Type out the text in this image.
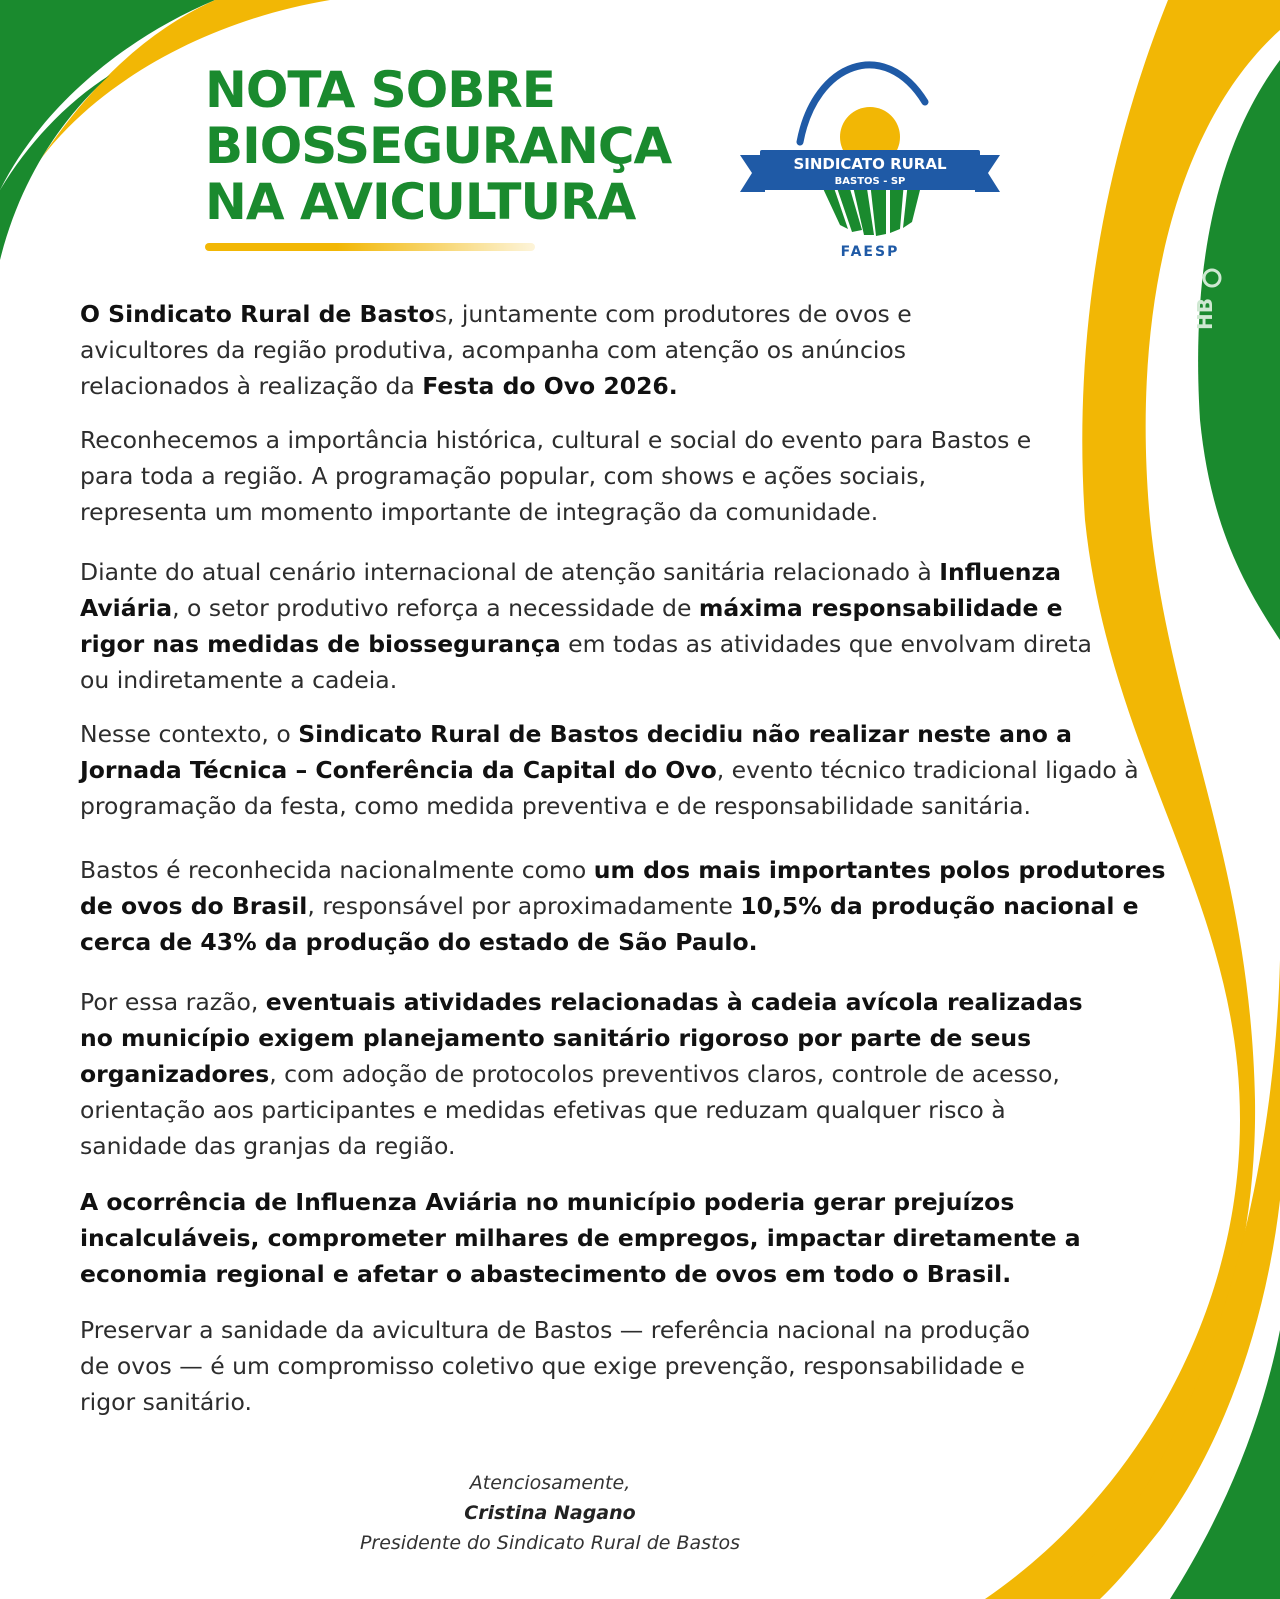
NOTA SOBRE
BIOSSEGURANÇA
NA AVICULTURA
SINDICATO RURAL
BASTOS - SP
FAESP
HB

O Sindicato Rural de Bastos, juntamente com produtores de ovos e
avicultores da região produtiva, acompanha com atenção os anúncios
relacionados à realização da Festa do Ovo 2026.

Reconhecemos a importância histórica, cultural e social do evento para Bastos e
para toda a região. A programação popular, com shows e ações sociais,
representa um momento importante de integração da comunidade.

Diante do atual cenário internacional de atenção sanitária relacionado à Influenza
Aviária, o setor produtivo reforça a necessidade de máxima responsabilidade e
rigor nas medidas de biossegurança em todas as atividades que envolvam direta
ou indiretamente a cadeia.

Nesse contexto, o Sindicato Rural de Bastos decidiu não realizar neste ano a
Jornada Técnica – Conferência da Capital do Ovo, evento técnico tradicional ligado à
programação da festa, como medida preventiva e de responsabilidade sanitária.

Bastos é reconhecida nacionalmente como um dos mais importantes polos produtores
de ovos do Brasil, responsável por aproximadamente 10,5% da produção nacional e
cerca de 43% da produção do estado de São Paulo.

Por essa razão, eventuais atividades relacionadas à cadeia avícola realizadas
no município exigem planejamento sanitário rigoroso por parte de seus
organizadores, com adoção de protocolos preventivos claros, controle de acesso,
orientação aos participantes e medidas efetivas que reduzam qualquer risco à
sanidade das granjas da região.

A ocorrência de Influenza Aviária no município poderia gerar prejuízos
incalculáveis, comprometer milhares de empregos, impactar diretamente a
economia regional e afetar o abastecimento de ovos em todo o Brasil.

Preservar a sanidade da avicultura de Bastos — referência nacional na produção
de ovos — é um compromisso coletivo que exige prevenção, responsabilidade e
rigor sanitário.

Atenciosamente,
Cristina Nagano
Presidente do Sindicato Rural de Bastos
